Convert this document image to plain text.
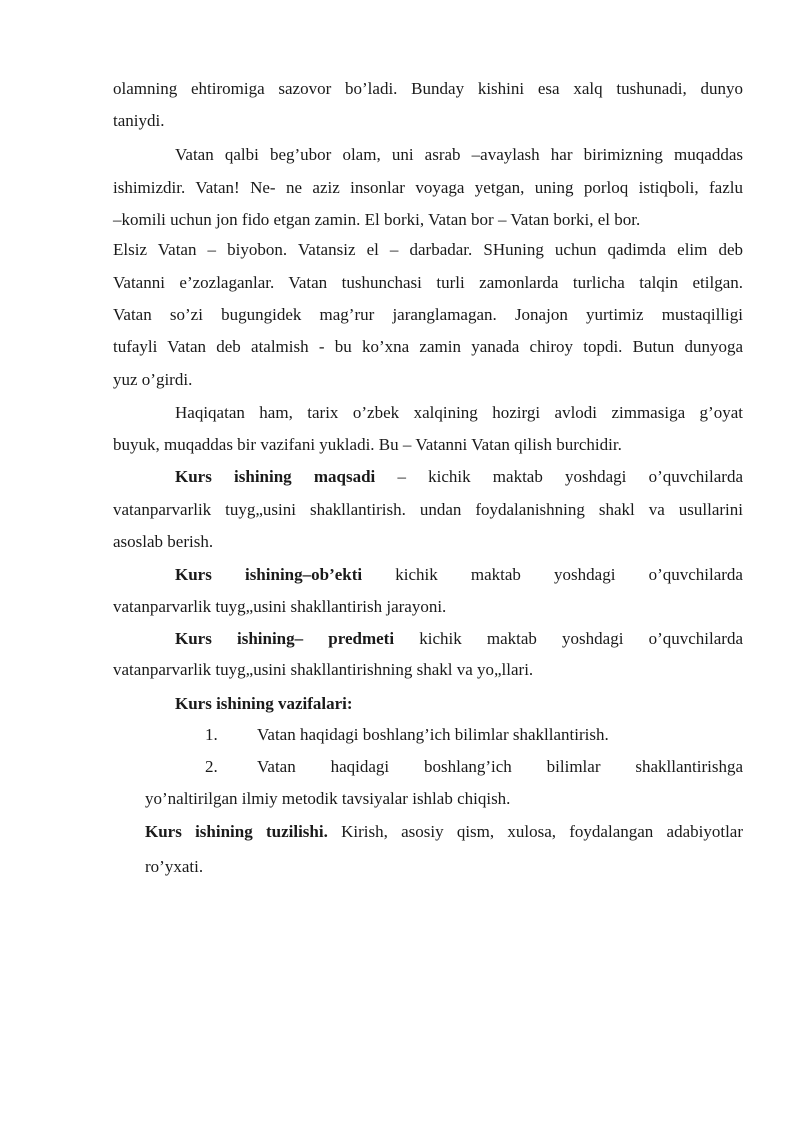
olamning ehtiromiga sazovor bo’ladi. Bunday kishini esa xalq tushunadi, dunyo
taniydi.
Vatan qalbi beg’ubor olam, uni asrab –avaylash har birimizning muqaddas
ishimizdir. Vatan! Ne- ne aziz insonlar voyaga yetgan, uning porloq istiqboli, fazlu
–komili uchun jon fido etgan zamin. El borki, Vatan bor – Vatan borki, el bor.
Elsiz Vatan – biyobon. Vatansiz el – darbadar. SHuning uchun qadimda elim deb
Vatanni e’zozlaganlar. Vatan tushunchasi turli zamonlarda turlicha talqin etilgan.
Vatan so’zi bugungidek mag’rur jaranglamagan. Jonajon yurtimiz mustaqilligi
tufayli Vatan deb atalmish - bu ko’xna zamin yanada chiroy topdi. Butun dunyoga
yuz o’girdi.
Haqiqatan ham, tarix o’zbek xalqining hozirgi avlodi zimmasiga g’oyat
buyuk, muqaddas bir vazifani yukladi. Bu – Vatanni Vatan qilish burchidir.
Kurs ishining maqsadi – kichik maktab yoshdagi o’quvchilarda
vatanparvarlik tuyg„usini shakllantirish. undan foydalanishning shakl va usullarini
asoslab berish.
Kurs ishining–ob’ekti kichik maktab yoshdagi o’quvchilarda
vatanparvarlik tuyg„usini shakllantirish jarayoni.
Kurs ishining– predmeti kichik maktab yoshdagi o’quvchilarda
vatanparvarlik tuyg„usini shakllantirishning shakl va yo„llari.
Kurs ishining vazifalari:
1. Vatan haqidagi boshlang’ich bilimlar shakllantirish.
2. Vatan haqidagi boshlang’ich bilimlar shakllantirishga
yo’naltirilgan ilmiy metodik tavsiyalar ishlab chiqish.
Kurs ishining tuzilishi. Kirish, asosiy qism, xulosa, foydalangan adabiyotlar
ro’yxati.
